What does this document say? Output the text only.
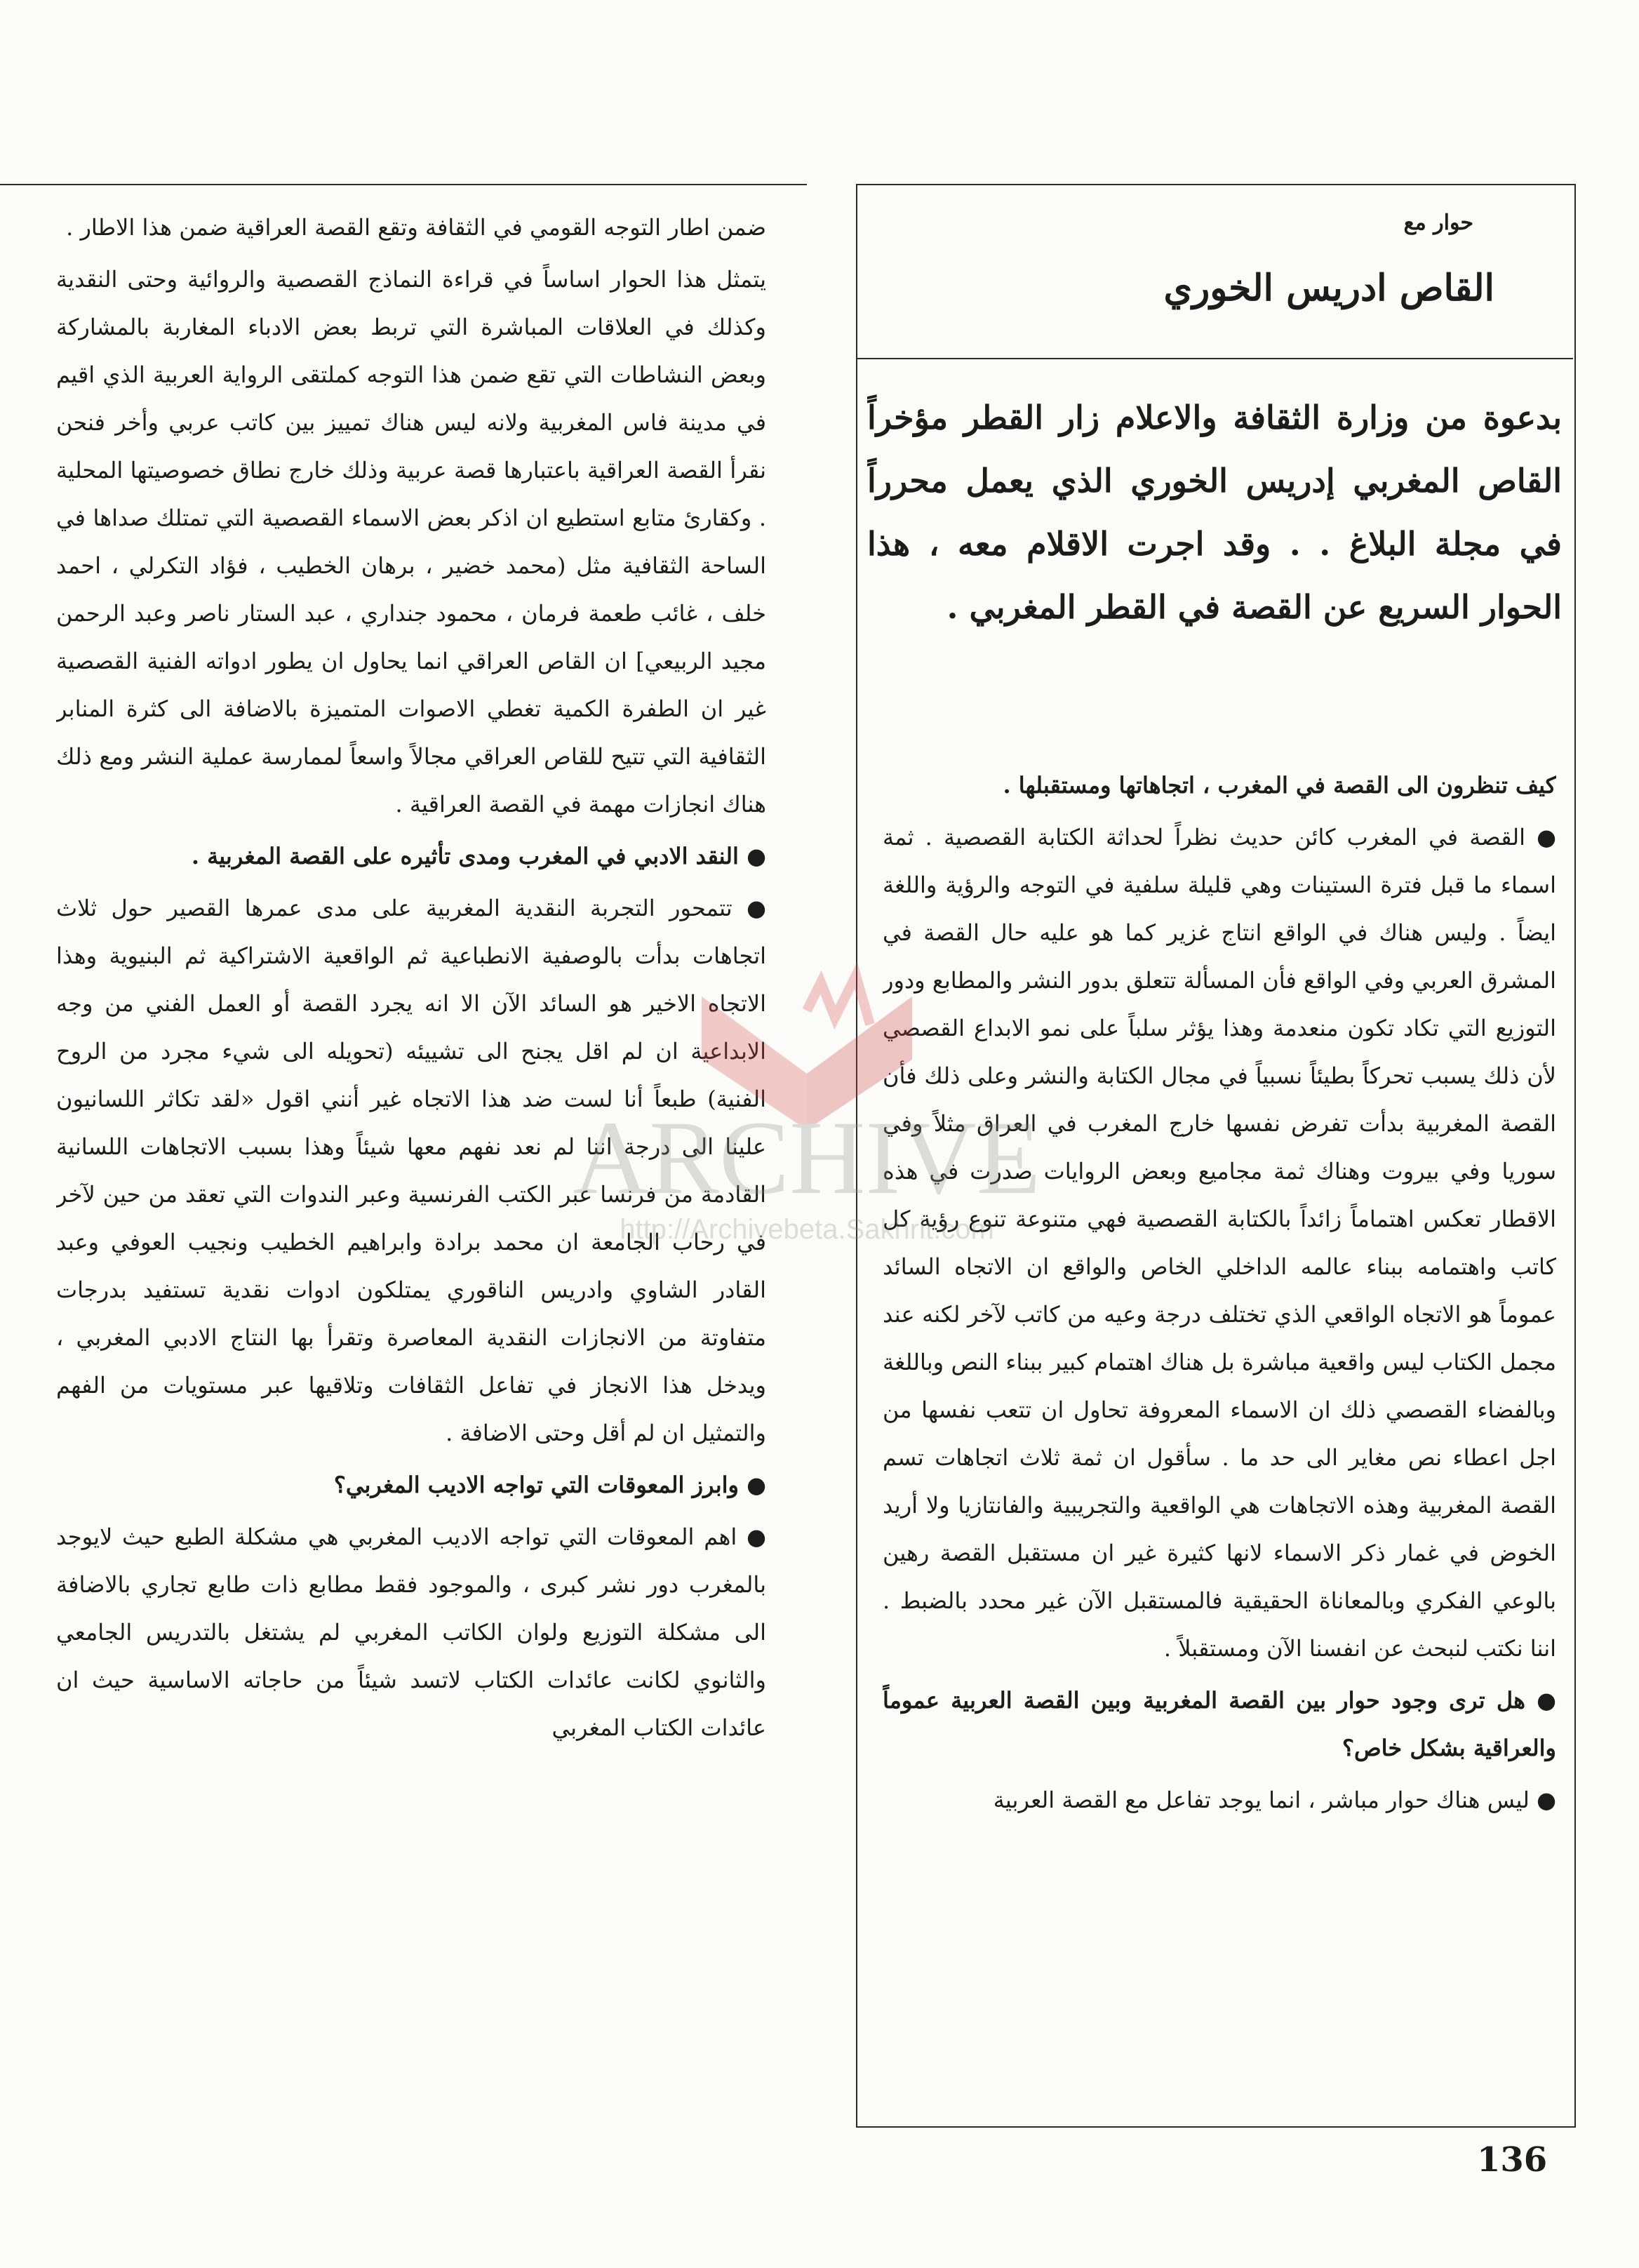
حوار مع
القاص ادريس الخوري
بدعوة من وزارة الثقافة والاعلام زار القطر مؤخراً القاص المغربي إدريس الخوري الذي يعمل محرراً في مجلة البلاغ . . وقد اجرت الاقلام معه ، هذا الحوار السريع عن القصة في القطر المغربي .

كيف تنظرون الى القصة في المغرب ، اتجاهاتها ومستقبلها .

● القصة في المغرب كائن حديث نظراً لحداثة الكتابة القصصية . ثمة اسماء ما قبل فترة الستينات وهي قليلة سلفية في التوجه والرؤية واللغة ايضاً . وليس هناك في الواقع انتاج غزير كما هو عليه حال القصة في المشرق العربي وفي الواقع فأن المسألة تتعلق بدور النشر والمطابع ودور التوزيع التي تكاد تكون منعدمة وهذا يؤثر سلباً على نمو الابداع القصصي لأن ذلك يسبب تحركاً بطيئاً نسبياً في مجال الكتابة والنشر وعلى ذلك فأن القصة المغربية بدأت تفرض نفسها خارج المغرب في العراق مثلاً وفي سوريا وفي بيروت وهناك ثمة مجاميع وبعض الروايات صدرت في هذه الاقطار تعكس اهتماماً زائداً بالكتابة القصصية فهي متنوعة تنوع رؤية كل كاتب واهتمامه ببناء عالمه الداخلي الخاص والواقع ان الاتجاه السائد عموماً هو الاتجاه الواقعي الذي تختلف درجة وعيه من كاتب لآخر لكنه عند مجمل الكتاب ليس واقعية مباشرة بل هناك اهتمام كبير ببناء النص وباللغة وبالفضاء القصصي ذلك ان الاسماء المعروفة تحاول ان تتعب نفسها من اجل اعطاء نص مغاير الى حد ما . سأقول ان ثمة ثلاث اتجاهات تسم القصة المغربية وهذه الاتجاهات هي الواقعية والتجريبية والفانتازيا ولا أريد الخوض في غمار ذكر الاسماء لانها كثيرة غير ان مستقبل القصة رهين بالوعي الفكري وبالمعاناة الحقيقية فالمستقبل الآن غير محدد بالضبط . اننا نكتب لنبحث عن انفسنا الآن ومستقبلاً .

● هل ترى وجود حوار بين القصة المغربية وبين القصة العربية عموماً والعراقية بشكل خاص؟

● ليس هناك حوار مباشر ، انما يوجد تفاعل مع القصة العربية

ضمن اطار التوجه القومي في الثقافة وتقع القصة العراقية ضمن هذا الاطار .

يتمثل هذا الحوار اساساً في قراءة النماذج القصصية والروائية وحتى النقدية وكذلك في العلاقات المباشرة التي تربط بعض الادباء المغاربة بالمشاركة وبعض النشاطات التي تقع ضمن هذا التوجه كملتقى الرواية العربية الذي اقيم في مدينة فاس المغربية ولانه ليس هناك تمييز بين كاتب عربي وأخر فنحن نقرأ القصة العراقية باعتبارها قصة عربية وذلك خارج نطاق خصوصيتها المحلية . وكقارئ متابع استطيع ان اذكر بعض الاسماء القصصية التي تمتلك صداها في الساحة الثقافية مثل (محمد خضير ، برهان الخطيب ، فؤاد التكرلي ، احمد خلف ، غائب طعمة فرمان ، محمود جنداري ، عبد الستار ناصر وعبد الرحمن مجيد الربيعي] ان القاص العراقي انما يحاول ان يطور ادواته الفنية القصصية غير ان الطفرة الكمية تغطي الاصوات المتميزة بالاضافة الى كثرة المنابر الثقافية التي تتيح للقاص العراقي مجالاً واسعاً لممارسة عملية النشر ومع ذلك هناك انجازات مهمة في القصة العراقية .

● النقد الادبي في المغرب ومدى تأثيره على القصة المغربية .

● تتمحور التجربة النقدية المغربية على مدى عمرها القصير حول ثلاث اتجاهات بدأت بالوصفية الانطباعية ثم الواقعية الاشتراكية ثم البنيوية وهذا الاتجاه الاخير هو السائد الآن الا انه يجرد القصة أو العمل الفني من وجه الابداعية ان لم اقل يجنح الى تشييئه (تحويله الى شيء مجرد من الروح الفنية) طبعاً أنا لست ضد هذا الاتجاه غير أنني اقول «لقد تكاثر اللسانيون علينا الى درجة اننا لم نعد نفهم معها شيئاً وهذا بسبب الاتجاهات اللسانية القادمة من فرنسا عبر الكتب الفرنسية وعبر الندوات التي تعقد من حين لآخر في رحاب الجامعة ان محمد برادة وابراهيم الخطيب ونجيب العوفي وعبد القادر الشاوي وادريس الناقوري يمتلكون ادوات نقدية تستفيد بدرجات متفاوتة من الانجازات النقدية المعاصرة وتقرأ بها النتاج الادبي المغربي ، ويدخل هذا الانجاز في تفاعل الثقافات وتلاقيها عبر مستويات من الفهم والتمثيل ان لم أقل وحتى الاضافة .

● وابرز المعوقات التي تواجه الاديب المغربي؟

● اهم المعوقات التي تواجه الاديب المغربي هي مشكلة الطبع حيث لايوجد بالمغرب دور نشر كبرى ، والموجود فقط مطابع ذات طابع تجاري بالاضافة الى مشكلة التوزيع ولوان الكاتب المغربي لم يشتغل بالتدريس الجامعي والثانوي لكانت عائدات الكتاب لاتسد شيئاً من حاجاته الاساسية حيث ان عائدات الكتاب المغربي

ARCHIVE
http://Archivebeta.Sakhrit.com
136
